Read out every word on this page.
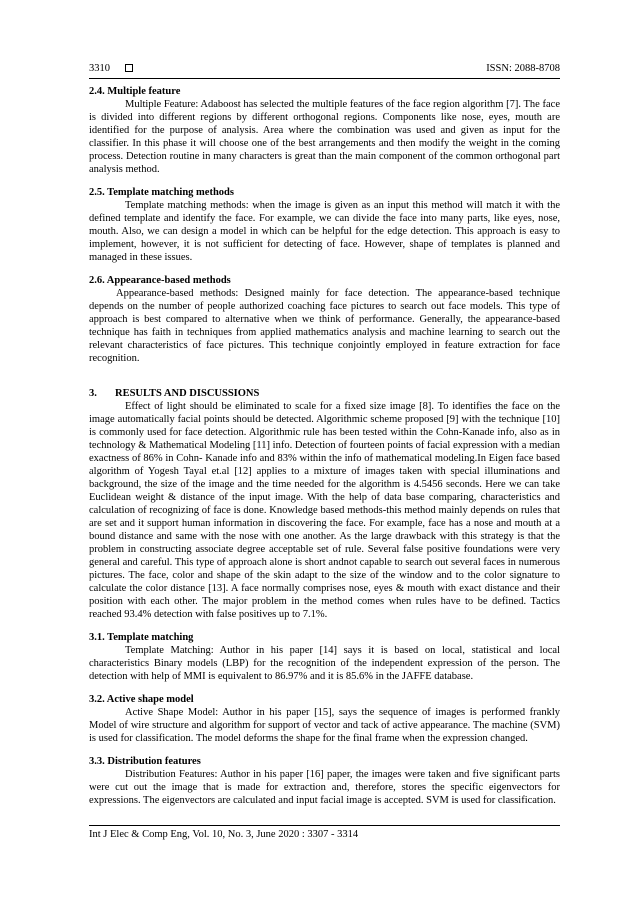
3310	ISSN: 2088-8708
2.4. Multiple feature

Multiple Feature: Adaboost has selected the multiple features of the face region algorithm [7]. The face is divided into different regions by different orthogonal regions. Components like nose, eyes, mouth are identified for the purpose of analysis. Area where the combination was used and given as input for the classifier. In this phase it will choose one of the best arrangements and then modify the weight in the coming process. Detection routine in many characters is great than the main component of the common orthogonal part analysis method.

2.5. Template matching methods

Template matching methods: when the image is given as an input this method will match it with the defined template and identify the face. For example, we can divide the face into many parts, like eyes, nose, mouth. Also, we can design a model in which can be helpful for the edge detection. This approach is easy to implement, however, it is not sufficient for detecting of face. However, shape of templates is planned and managed in these issues.

2.6. Appearance-based methods

Appearance-based methods: Designed mainly for face detection. The appearance-based technique depends on the number of people authorized coaching face pictures to search out face models. This type of approach is best compared to alternative when we think of performance. Generally, the appearance-based technique has faith in techniques from applied mathematics analysis and machine learning to search out the relevant characteristics of face pictures. This technique conjointly employed in feature extraction for face recognition.

3. RESULTS AND DISCUSSIONS

Effect of light should be eliminated to scale for a fixed size image [8]. To identifies the face on the image automatically facial points should be detected. Algorithmic scheme proposed [9] with the technique [10] is commonly used for face detection. Algorithmic rule has been tested within the Cohn-Kanade info, also as in technology & Mathematical Modeling [11] info. Detection of fourteen points of facial expression with a median exactness of 86% in Cohn- Kanade info and 83% within the info of mathematical modeling.In Eigen face based algorithm of Yogesh Tayal et.al [12] applies to a mixture of images taken with special illuminations and background, the size of the image and the time needed for the algorithm is 4.5456 seconds. Here we can take Euclidean weight & distance of the input image. With the help of data base comparing, characteristics and calculation of recognizing of face is done. Knowledge based methods-this method mainly depends on rules that are set and it support human information in discovering the face. For example, face has a nose and mouth at a bound distance and same with the nose with one another. As the large drawback with this strategy is that the problem in constructing associate degree acceptable set of rule. Several false positive foundations were very general and careful. This type of approach alone is short andnot capable to search out several faces in numerous pictures. The face, color and shape of the skin adapt to the size of the window and to the color signature to calculate the color distance [13]. A face normally comprises nose, eyes & mouth with exact distance and their position with each other. The major problem in the method comes when rules have to be defined. Tactics reached 93.4% detection with false positives up to 7.1%.

3.1. Template matching

Template Matching: Author in his paper [14] says it is based on local, statistical and local characteristics Binary models (LBP) for the recognition of the independent expression of the person. The detection with help of MMI is equivalent to 86.97% and it is 85.6% in the JAFFE database.

3.2. Active shape model

Active Shape Model: Author in his paper [15], says the sequence of images is performed frankly Model of wire structure and algorithm for support of vector and tack of active appearance. The machine (SVM) is used for classification. The model deforms the shape for the final frame when the expression changed.

3.3. Distribution features

Distribution Features: Author in his paper [16] paper, the images were taken and five significant parts were cut out the image that is made for extraction and, therefore, stores the specific eigenvectors for expressions. The eigenvectors are calculated and input facial image is accepted. SVM is used for classification.

Int J Elec & Comp Eng, Vol. 10, No. 3, June 2020 : 3307 - 3314
